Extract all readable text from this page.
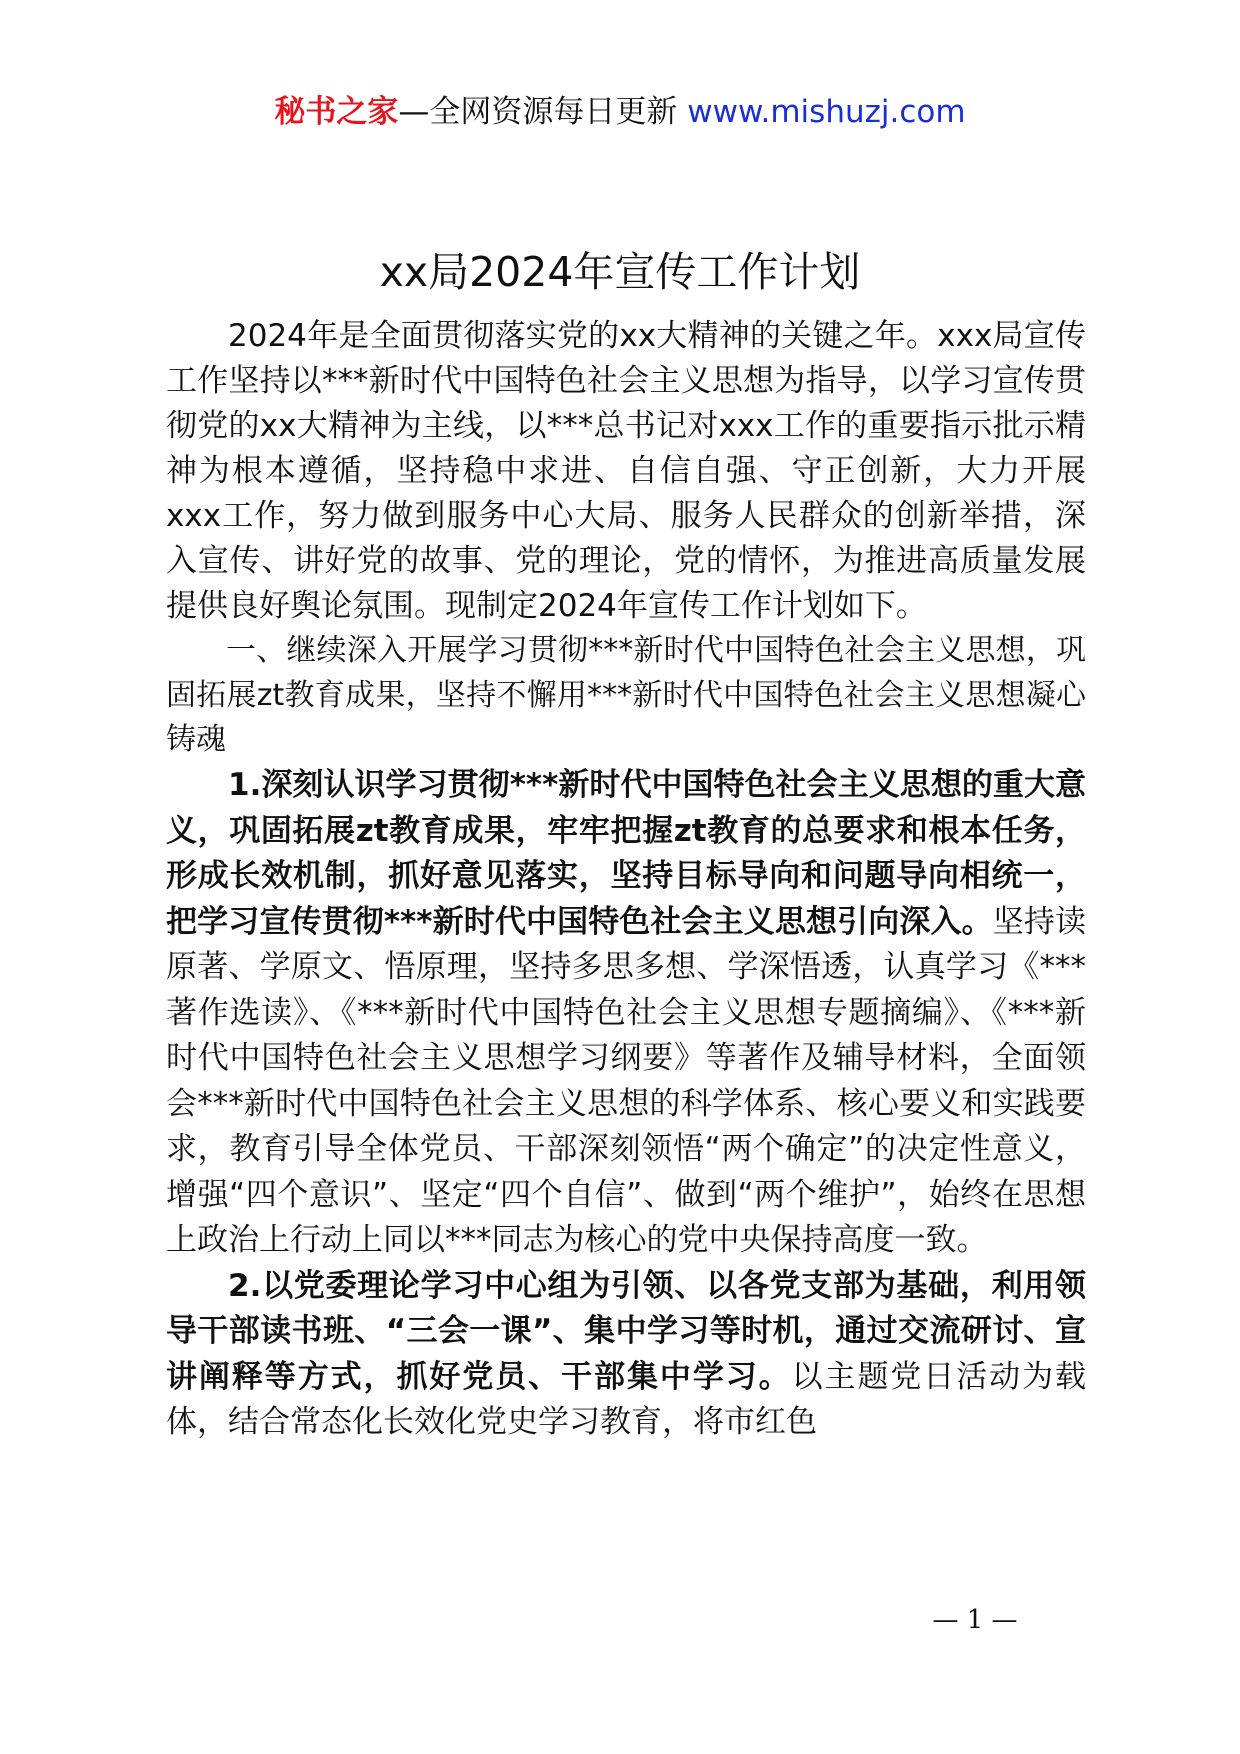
秘书之家—全网资源每日更新 www.mishuzj.com
xx局2024年宣传工作计划

2024年是全面贯彻落实党的xx大精神的关键之年。xxx局宣传工作坚持以***新时代中国特色社会主义思想为指导，以学习宣传贯彻党的xx大精神为主线，以***总书记对xxx工作的重要指示批示精神为根本遵循，坚持稳中求进、自信自强、守正创新，大力开展xxx工作，努力做到服务中心大局、服务人民群众的创新举措，深入宣传、讲好党的故事、党的理论，党的情怀，为推进高质量发展提供良好舆论氛围。现制定2024年宣传工作计划如下。

一、继续深入开展学习贯彻***新时代中国特色社会主义思想，巩固拓展zt教育成果，坚持不懈用***新时代中国特色社会主义思想凝心铸魂

1.深刻认识学习贯彻***新时代中国特色社会主义思想的重大意义，巩固拓展zt教育成果，牢牢把握zt教育的总要求和根本任务，形成长效机制，抓好意见落实，坚持目标导向和问题导向相统一，把学习宣传贯彻***新时代中国特色社会主义思想引向深入。坚持读原著、学原文、悟原理，坚持多思多想、学深悟透，认真学习《***著作选读》、《***新时代中国特色社会主义思想专题摘编》、《***新时代中国特色社会主义思想学习纲要》等著作及辅导材料，全面领会***新时代中国特色社会主义思想的科学体系、核心要义和实践要求，教育引导全体党员、干部深刻领悟“两个确定”的决定性意义，增强“四个意识”、坚定“四个自信”、做到“两个维护”，始终在思想上政治上行动上同以***同志为核心的党中央保持高度一致。

2.以党委理论学习中心组为引领、以各党支部为基础，利用领导干部读书班、“三会一课”、集中学习等时机，通过交流研讨、宣讲阐释等方式，抓好党员、干部集中学习。以主题党日活动为载体，结合常态化长效化党史学习教育，将市红色

— 1 —
